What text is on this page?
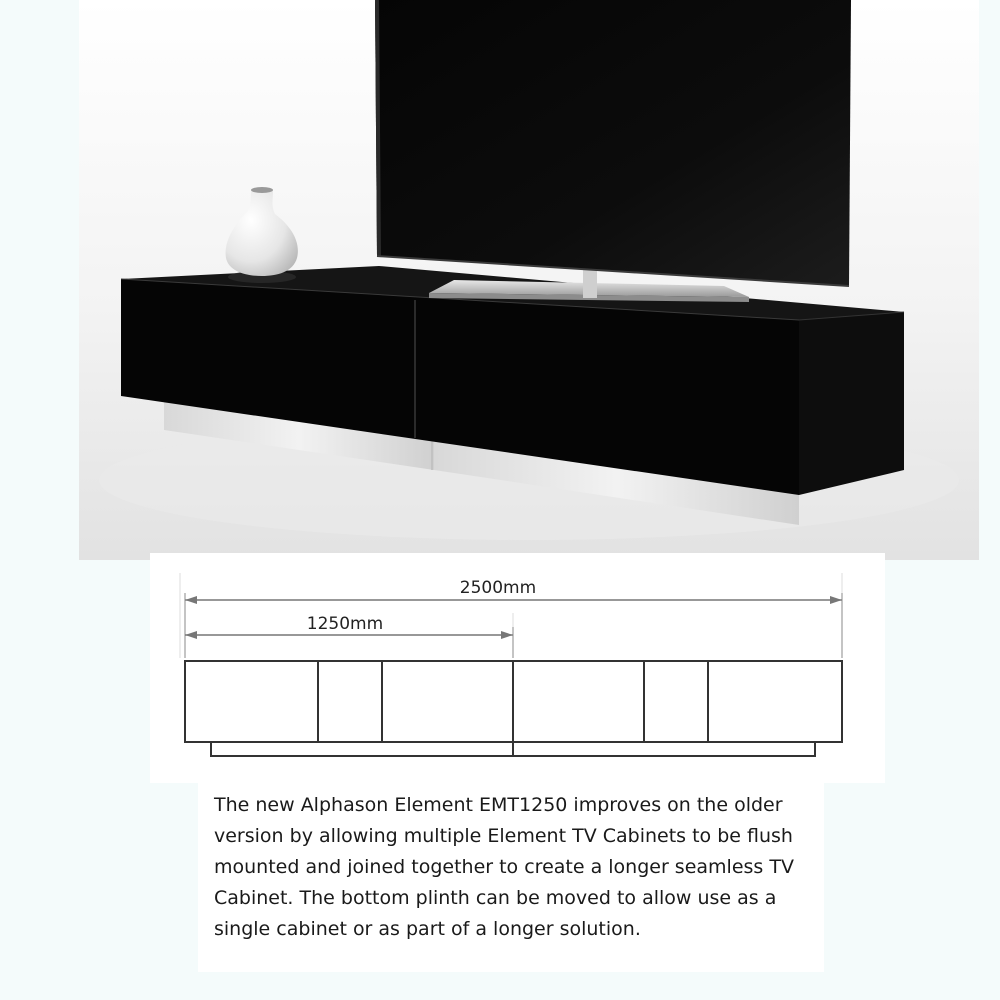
2500mm
1250mm

The new Alphason Element EMT1250 improves on the older version by allowing multiple Element TV Cabinets to be flush mounted and joined together to create a longer seamless TV Cabinet. The bottom plinth can be moved to allow use as a single cabinet or as part of a longer solution.
